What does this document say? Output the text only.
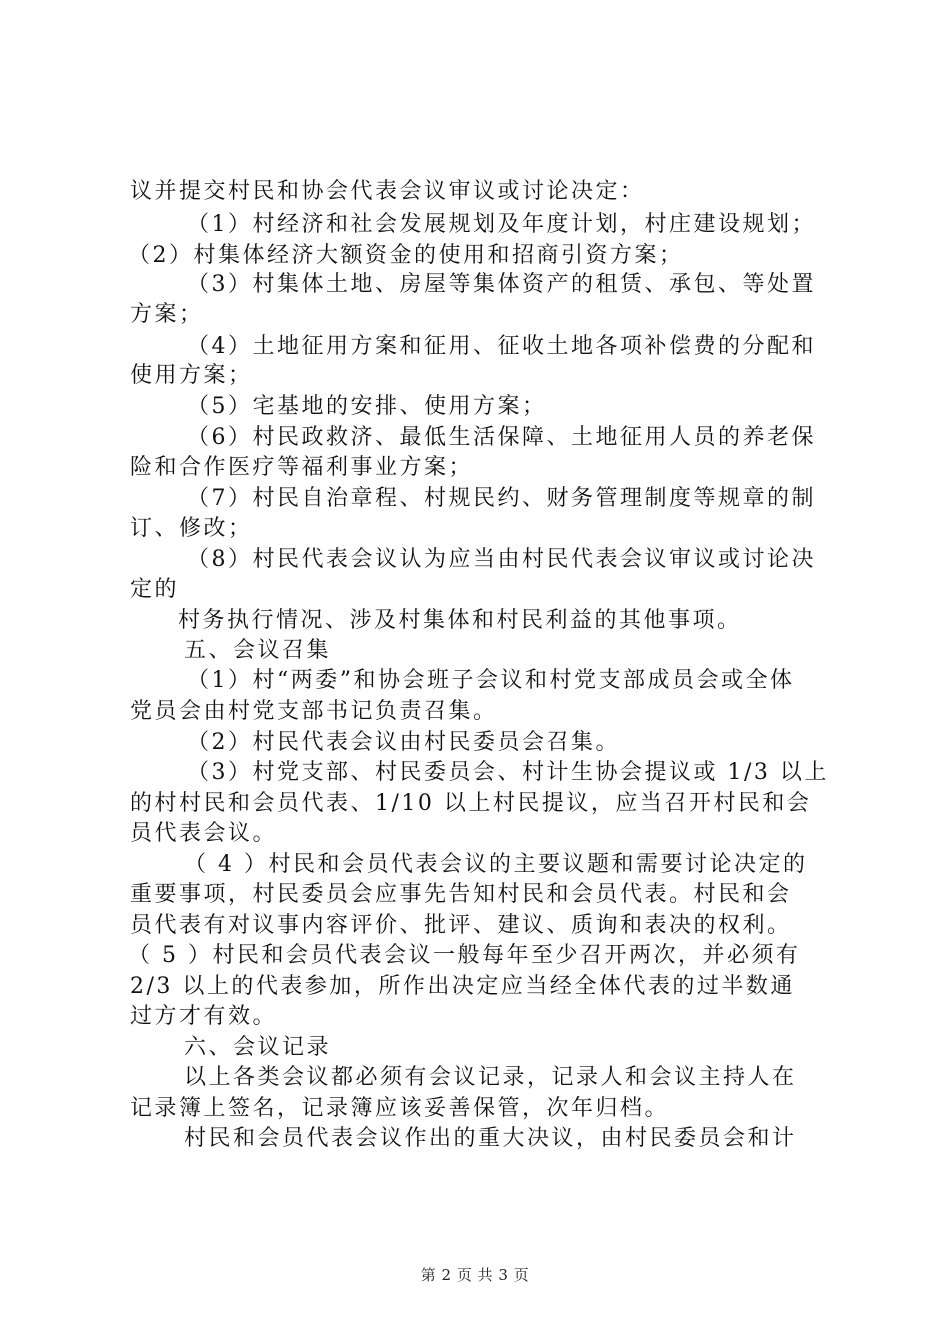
议并提交村民和协会代表会议审议或讨论决定：
（1）村经济和社会发展规划及年度计划，村庄建设规划；
（2）村集体经济大额资金的使用和招商引资方案；
（3）村集体土地、房屋等集体资产的租赁、承包、等处置
方案；
（4）土地征用方案和征用、征收土地各项补偿费的分配和
使用方案；
（5）宅基地的安排、使用方案；
（6）村民政救济、最低生活保障、土地征用人员的养老保
险和合作医疗等福利事业方案；
（7）村民自治章程、村规民约、财务管理制度等规章的制
订、修改；
（8）村民代表会议认为应当由村民代表会议审议或讨论决
定的
村务执行情况、涉及村集体和村民利益的其他事项。
五、会议召集
（1）村“两委”和协会班子会议和村党支部成员会或全体
党员会由村党支部书记负责召集。
（2）村民代表会议由村民委员会召集。
（3）村党支部、村民委员会、村计生协会提议或 1/3 以上
的村村民和会员代表、1/10 以上村民提议，应当召开村民和会
员代表会议。
（ 4 ）村民和会员代表会议的主要议题和需要讨论决定的
重要事项，村民委员会应事先告知村民和会员代表。村民和会
员代表有对议事内容评价、批评、建议、质询和表决的权利。
（ 5 ）村民和会员代表会议一般每年至少召开两次，并必须有
2/3 以上的代表参加，所作出决定应当经全体代表的过半数通
过方才有效。
六、会议记录
以上各类会议都必须有会议记录，记录人和会议主持人在
记录簿上签名，记录簿应该妥善保管，次年归档。
村民和会员代表会议作出的重大决议，由村民委员会和计
第 2 页 共 3 页
